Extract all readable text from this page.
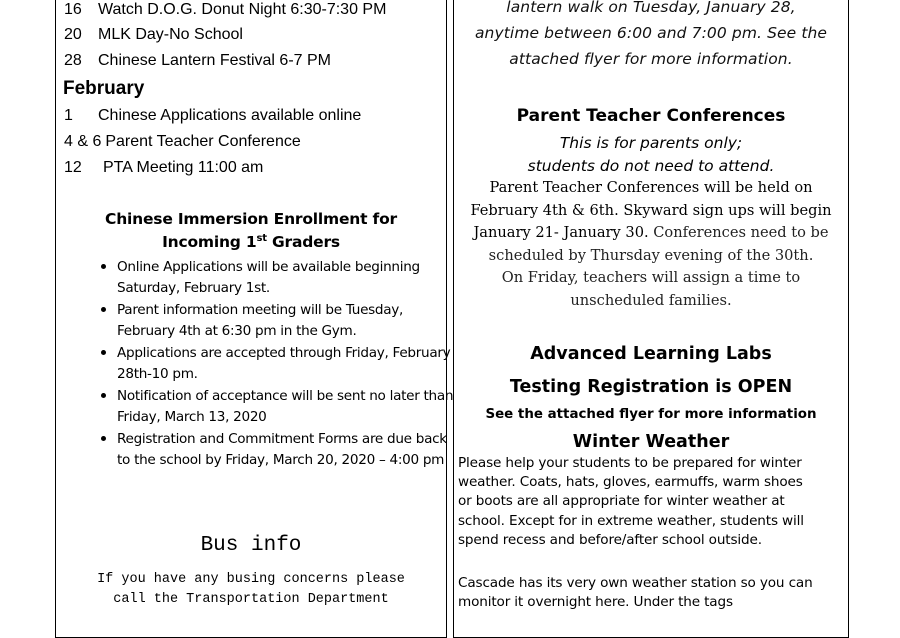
16 Watch D.O.G. Donut Night 6:30-7:30 PM
20 MLK Day-No School
28 Chinese Lantern Festival 6-7 PM
February
1 Chinese Applications available online
4 & 6 Parent Teacher Conference
12 PTA Meeting 11:00 am
Chinese Immersion Enrollment for
Incoming 1st Graders
• Online Applications will be available beginning Saturday, February 1st.
• Parent information meeting will be Tuesday, February 4th at 6:30 pm in the Gym.
• Applications are accepted through Friday, February 28th-10 pm.
• Notification of acceptance will be sent no later than Friday, March 13, 2020
• Registration and Commitment Forms are due back to the school by Friday, March 20, 2020 – 4:00 pm
Bus info
If you have any busing concerns please
call the Transportation Department
lantern walk on Tuesday, January 28,
anytime between 6:00 and 7:00 pm. See the
attached flyer for more information.
Parent Teacher Conferences
This is for parents only;
students do not need to attend.
Parent Teacher Conferences will be held on
February 4th & 6th. Skyward sign ups will begin
January 21- January 30. Conferences need to be
scheduled by Thursday evening of the 30th.
On Friday, teachers will assign a time to
unscheduled families.
Advanced Learning Labs
Testing Registration is OPEN
See the attached flyer for more information
Winter Weather
Please help your students to be prepared for winter
weather. Coats, hats, gloves, earmuffs, warm shoes
or boots are all appropriate for winter weather at
school. Except for in extreme weather, students will
spend recess and before/after school outside.
Cascade has its very own weather station so you can
monitor it overnight here. Under the tags
